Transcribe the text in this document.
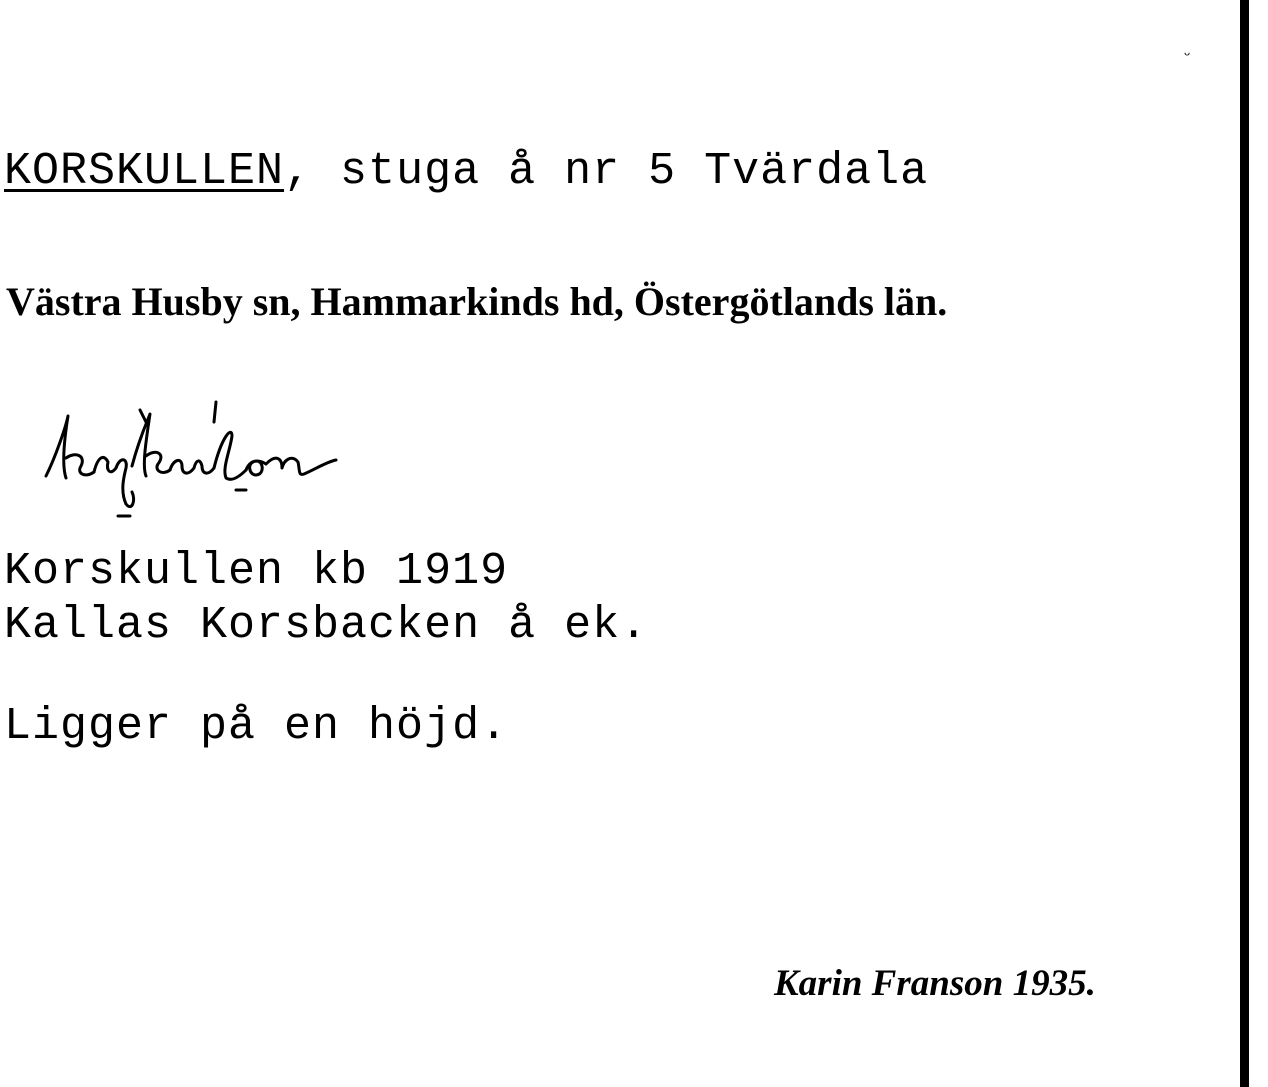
ᵕ
KORSKULLEN, stuga å nr 5 Tvärdala
Västra Husby sn, Hammarkinds hd, Östergötlands län.
Korskullen kb 1919
Kallas Korsbacken å ek.
Ligger på en höjd.
Karin Franson 1935.
